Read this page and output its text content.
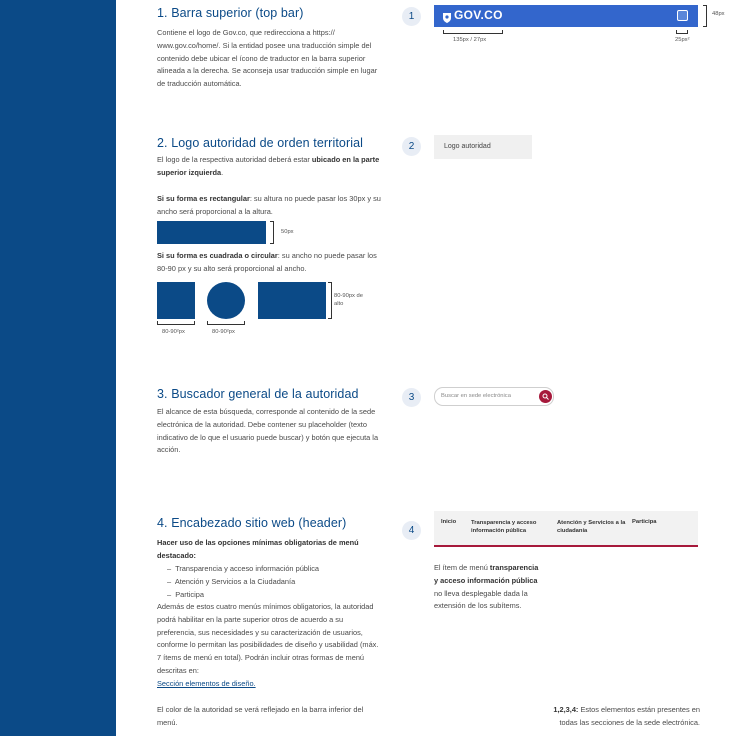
1. Barra superior (top bar)

Contiene el logo de Gov.co, que redirecciona a https:// www.gov.co/home/. Si la entidad posee una traducción simple del contenido debe ubicar el ícono de traductor en la barra superior alineada a la derecha. Se aconseja usar traducción simple en lugar de traducción automática.

1	GOV.CO	48px
135px / 27px	25px²
2. Logo autoridad de orden territorial

El logo de la respectiva autoridad deberá estar ubicado en la parte superior izquierda.

Si su forma es rectangular: su altura no puede pasar los 30px y su ancho será proporcional a la altura.

50px

Si su forma es cuadrada o circular: su ancho no puede pasar los 80-90 px y su alto será proporcional al ancho.

80-90px de alto
80-90²px	80-90²px
2	Logo autoridad
3. Buscador general de la autoridad

El alcance de esta búsqueda, corresponde al contenido de la sede electrónica de la autoridad. Debe contener su placeholder (texto indicativo de lo que el usuario puede buscar) y botón que ejecuta la acción.

3	Buscar en sede electrónica
4. Encabezado sitio web (header)

Hacer uso de las opciones mínimas obligatorias de menú destacado:

–  Transparencia y acceso información pública
–  Atención y Servicios a la Ciudadanía
–  Participa

Además de estos cuatro menús mínimos obligatorios, la autoridad podrá habilitar en la parte superior otros de acuerdo a su preferencia, sus necesidades y su caracterización de usuarios, conforme lo permitan las posibilidades de diseño y usabilidad (máx. 7 ítems de menú en total). Podrán incluir otras formas de menú descritas en:
Sección elementos de diseño.

El color de la autoridad se verá reflejado en la barra inferior del menú.

4
Inicio	Transparencia y acceso información pública
Atención y Servicios a la ciudadanía
Participa

El ítem de menú transparencia y acceso información pública no lleva desplegable dada la extensión de los subítems.

1,2,3,4: Estos elementos están presentes en todas las secciones de la sede electrónica.
